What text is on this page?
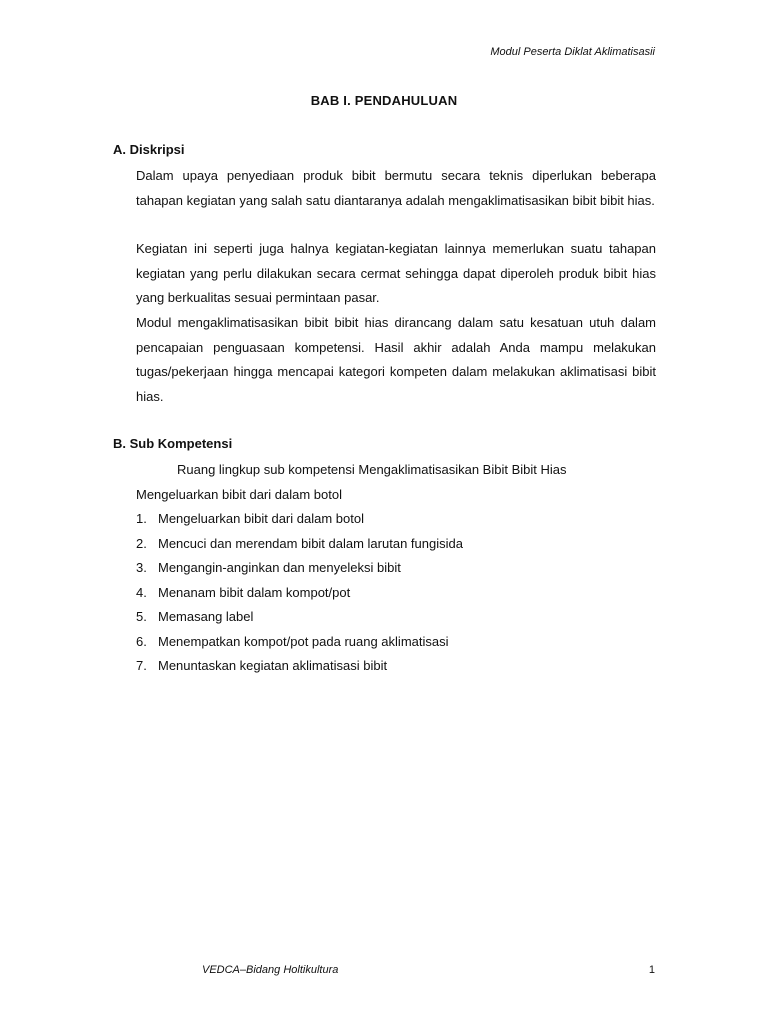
Modul Peserta Diklat Aklimatisasii
BAB I. PENDAHULUAN
A. Diskripsi

Dalam upaya penyediaan produk bibit bermutu secara teknis diperlukan beberapa tahapan kegiatan yang salah satu diantaranya adalah mengaklimatisasikan bibit bibit hias.

Kegiatan ini seperti juga halnya kegiatan-kegiatan lainnya memerlukan suatu tahapan kegiatan yang perlu dilakukan secara cermat sehingga dapat diperoleh produk bibit hias yang berkualitas sesuai permintaan pasar.

Modul mengaklimatisasikan bibit bibit hias dirancang dalam satu kesatuan utuh dalam pencapaian penguasaan kompetensi. Hasil akhir adalah Anda mampu melakukan tugas/pekerjaan hingga mencapai kategori kompeten dalam melakukan aklimatisasi bibit hias.

B. Sub Kompetensi
Ruang lingkup sub kompetensi Mengaklimatisasikan Bibit Bibit Hias
Mengeluarkan bibit dari dalam botol
1. Mengeluarkan bibit dari dalam botol
2. Mencuci dan merendam bibit dalam larutan fungisida
3. Mengangin-anginkan dan menyeleksi bibit
4. Menanam bibit dalam kompot/pot
5. Memasang label
6. Menempatkan kompot/pot pada ruang aklimatisasi
7. Menuntaskan kegiatan aklimatisasi bibit
VEDCA–Bidang Holtikultura	1
